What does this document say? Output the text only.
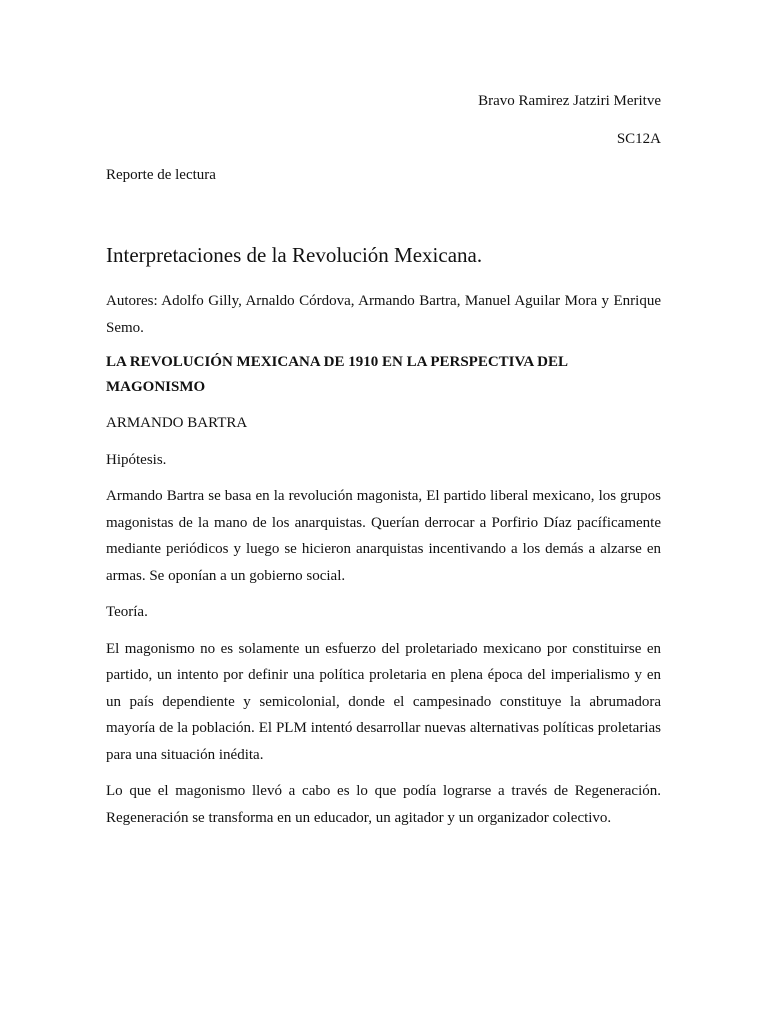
Bravo Ramirez Jatziri Meritve
SC12A
Reporte de lectura
Interpretaciones de la Revolución Mexicana.

Autores: Adolfo Gilly, Arnaldo Córdova, Armando Bartra, Manuel Aguilar Mora y Enrique Semo.

LA REVOLUCIÓN MEXICANA DE 1910 EN LA PERSPECTIVA DEL MAGONISMO

ARMANDO BARTRA

Hipótesis.

Armando Bartra se basa en la revolución magonista, El partido liberal mexicano, los grupos magonistas de la mano de los anarquistas. Querían derrocar a Porfirio Díaz pacíficamente mediante periódicos y luego se hicieron anarquistas incentivando a los demás a alzarse en armas. Se oponían a un gobierno social.

Teoría.

El magonismo no es solamente un esfuerzo del proletariado mexicano por constituirse en partido, un intento por definir una política proletaria en plena época del imperialismo y en un país dependiente y semicolonial, donde el campesinado constituye la abrumadora mayoría de la población. El PLM intentó desarrollar nuevas alternativas políticas proletarias para una situación inédita.

Lo que el magonismo llevó a cabo es lo que podía lograrse a través de Regeneración. Regeneración se transforma en un educador, un agitador y un organizador colectivo.
